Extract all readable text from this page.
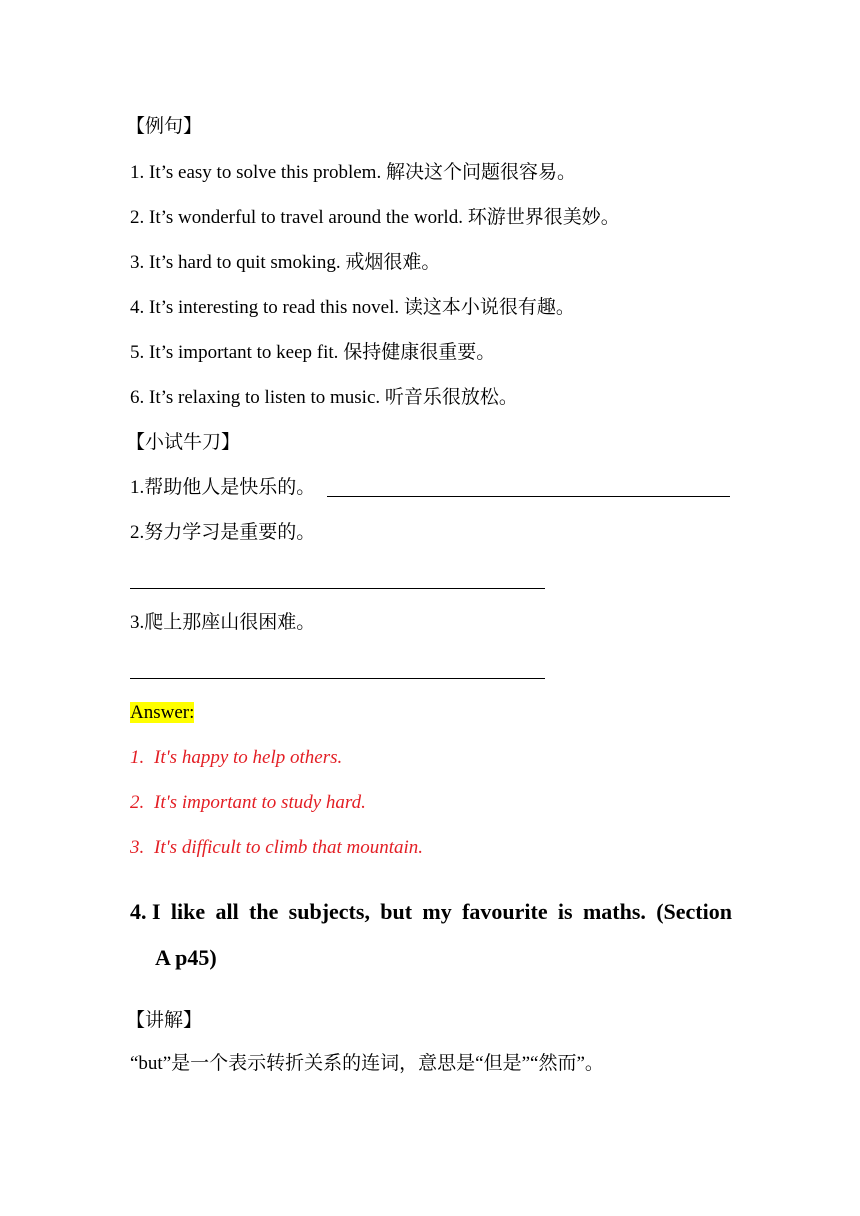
【例句】
1. It’s easy to solve this problem. 解决这个问题很容易。
2. It’s wonderful to travel around the world. 环游世界很美妙。
3. It’s hard to quit smoking. 戒烟很难。
4. It’s interesting to read this novel. 读这本小说很有趣。
5. It’s important to keep fit. 保持健康很重要。
6. It’s relaxing to listen to music. 听音乐很放松。
【小试牛刀】
1.帮助他人是快乐的。
2.努力学习是重要的。
3.爬上那座山很困难。
Answer:
1. It's happy to help others.
2. It's important to study hard.
3. It's difficult to climb that mountain.
4. I like all the subjects, but my favourite is maths. (Section
A p45)
【讲解】
“but”是一个表示转折关系的连词，意思是“但是”“然而”。
